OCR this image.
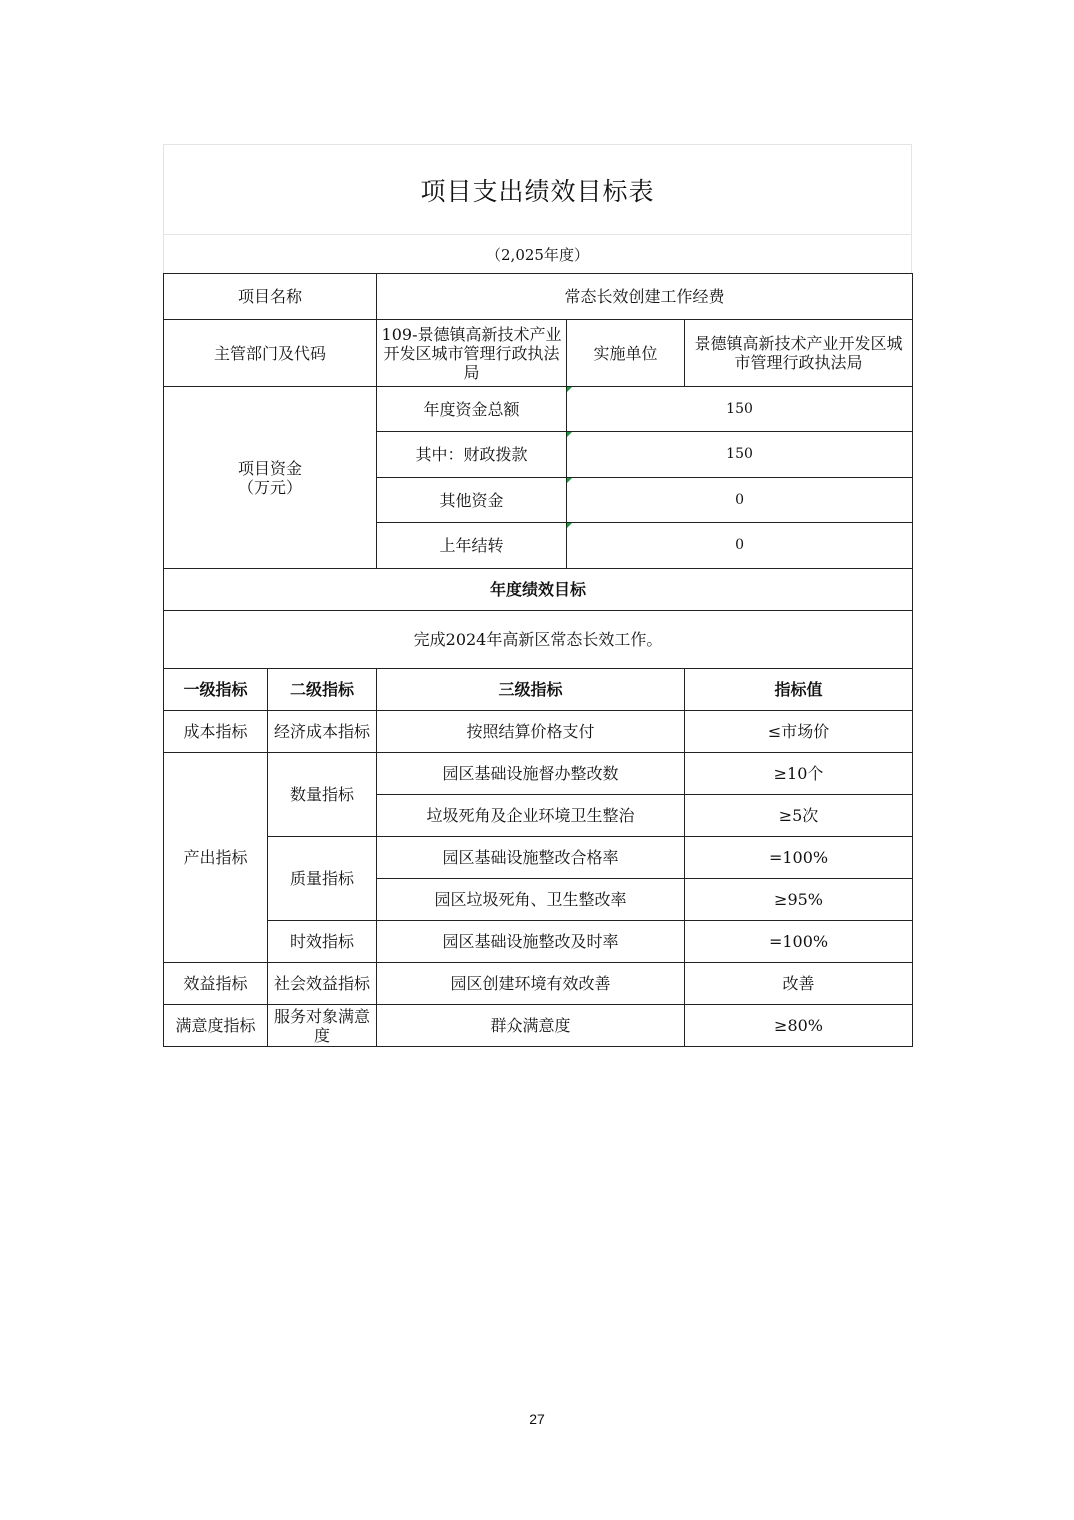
项目支出绩效目标表
（2,025年度）
项目名称		常态长效创建工作经费		
主管部门及代码		109-景德镇高新技术产业开发区城市管理行政执法局	实施单位	景德镇高新技术产业开发区城市管理行政执法局

项目资金
（万元）		年度资金总额	150	
		其中：财政拨款	150	
		其他资金	0	
		上年结转	0	
年度绩效目标				
完成2024年高新区常态长效工作。				
一级指标	二级指标	三级指标		指标值
成本指标	经济成本指标	按照结算价格支付		≤市场价
产出指标	数量指标	园区基础设施督办整改数		≥10个
		垃圾死角及企业环境卫生整治		≥5次
	质量指标	园区基础设施整改合格率		=100%
		园区垃圾死角、卫生整改率		≥95%
	时效指标	园区基础设施整改及时率		=100%
效益指标	社会效益指标	园区创建环境有效改善		改善
满意度指标	服务对象满意度	群众满意度		≥80%
27
